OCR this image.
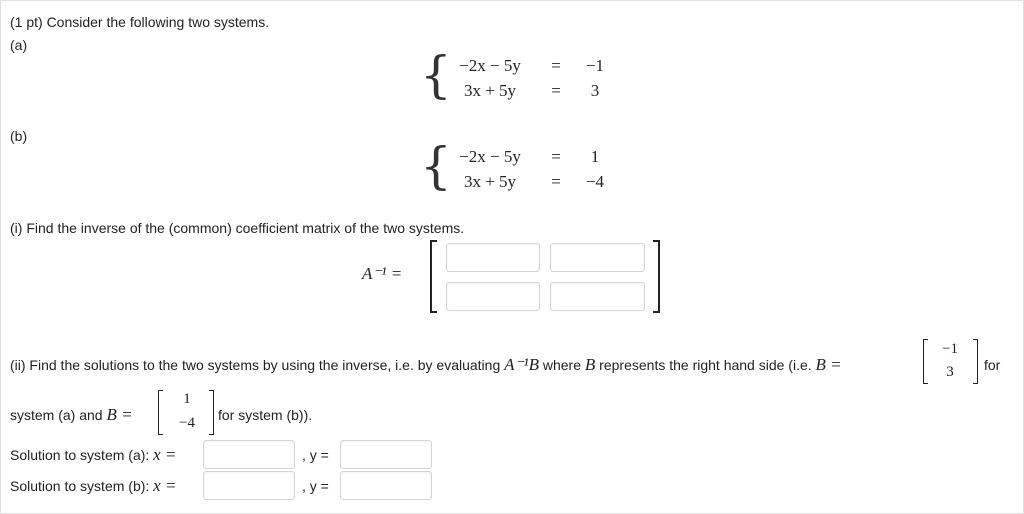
(1 pt) Consider the following two systems.
(a)
{ −2x − 5y	=	−1
3x + 5y	=	3
(b)
{ −2x − 5y	=	1
3x + 5y	=	−4
(i) Find the inverse of the (common) coefficient matrix of the two systems.
A⁻¹ =
(ii) Find the solutions to the two systems by using the inverse, i.e. by evaluating A⁻¹B where B represents the right hand side (i.e. B =
−1
3	for
system (a) and B =
1
−4	for system (b)).
Solution to system (a): x =	, y =
Solution to system (b): x =	, y =
